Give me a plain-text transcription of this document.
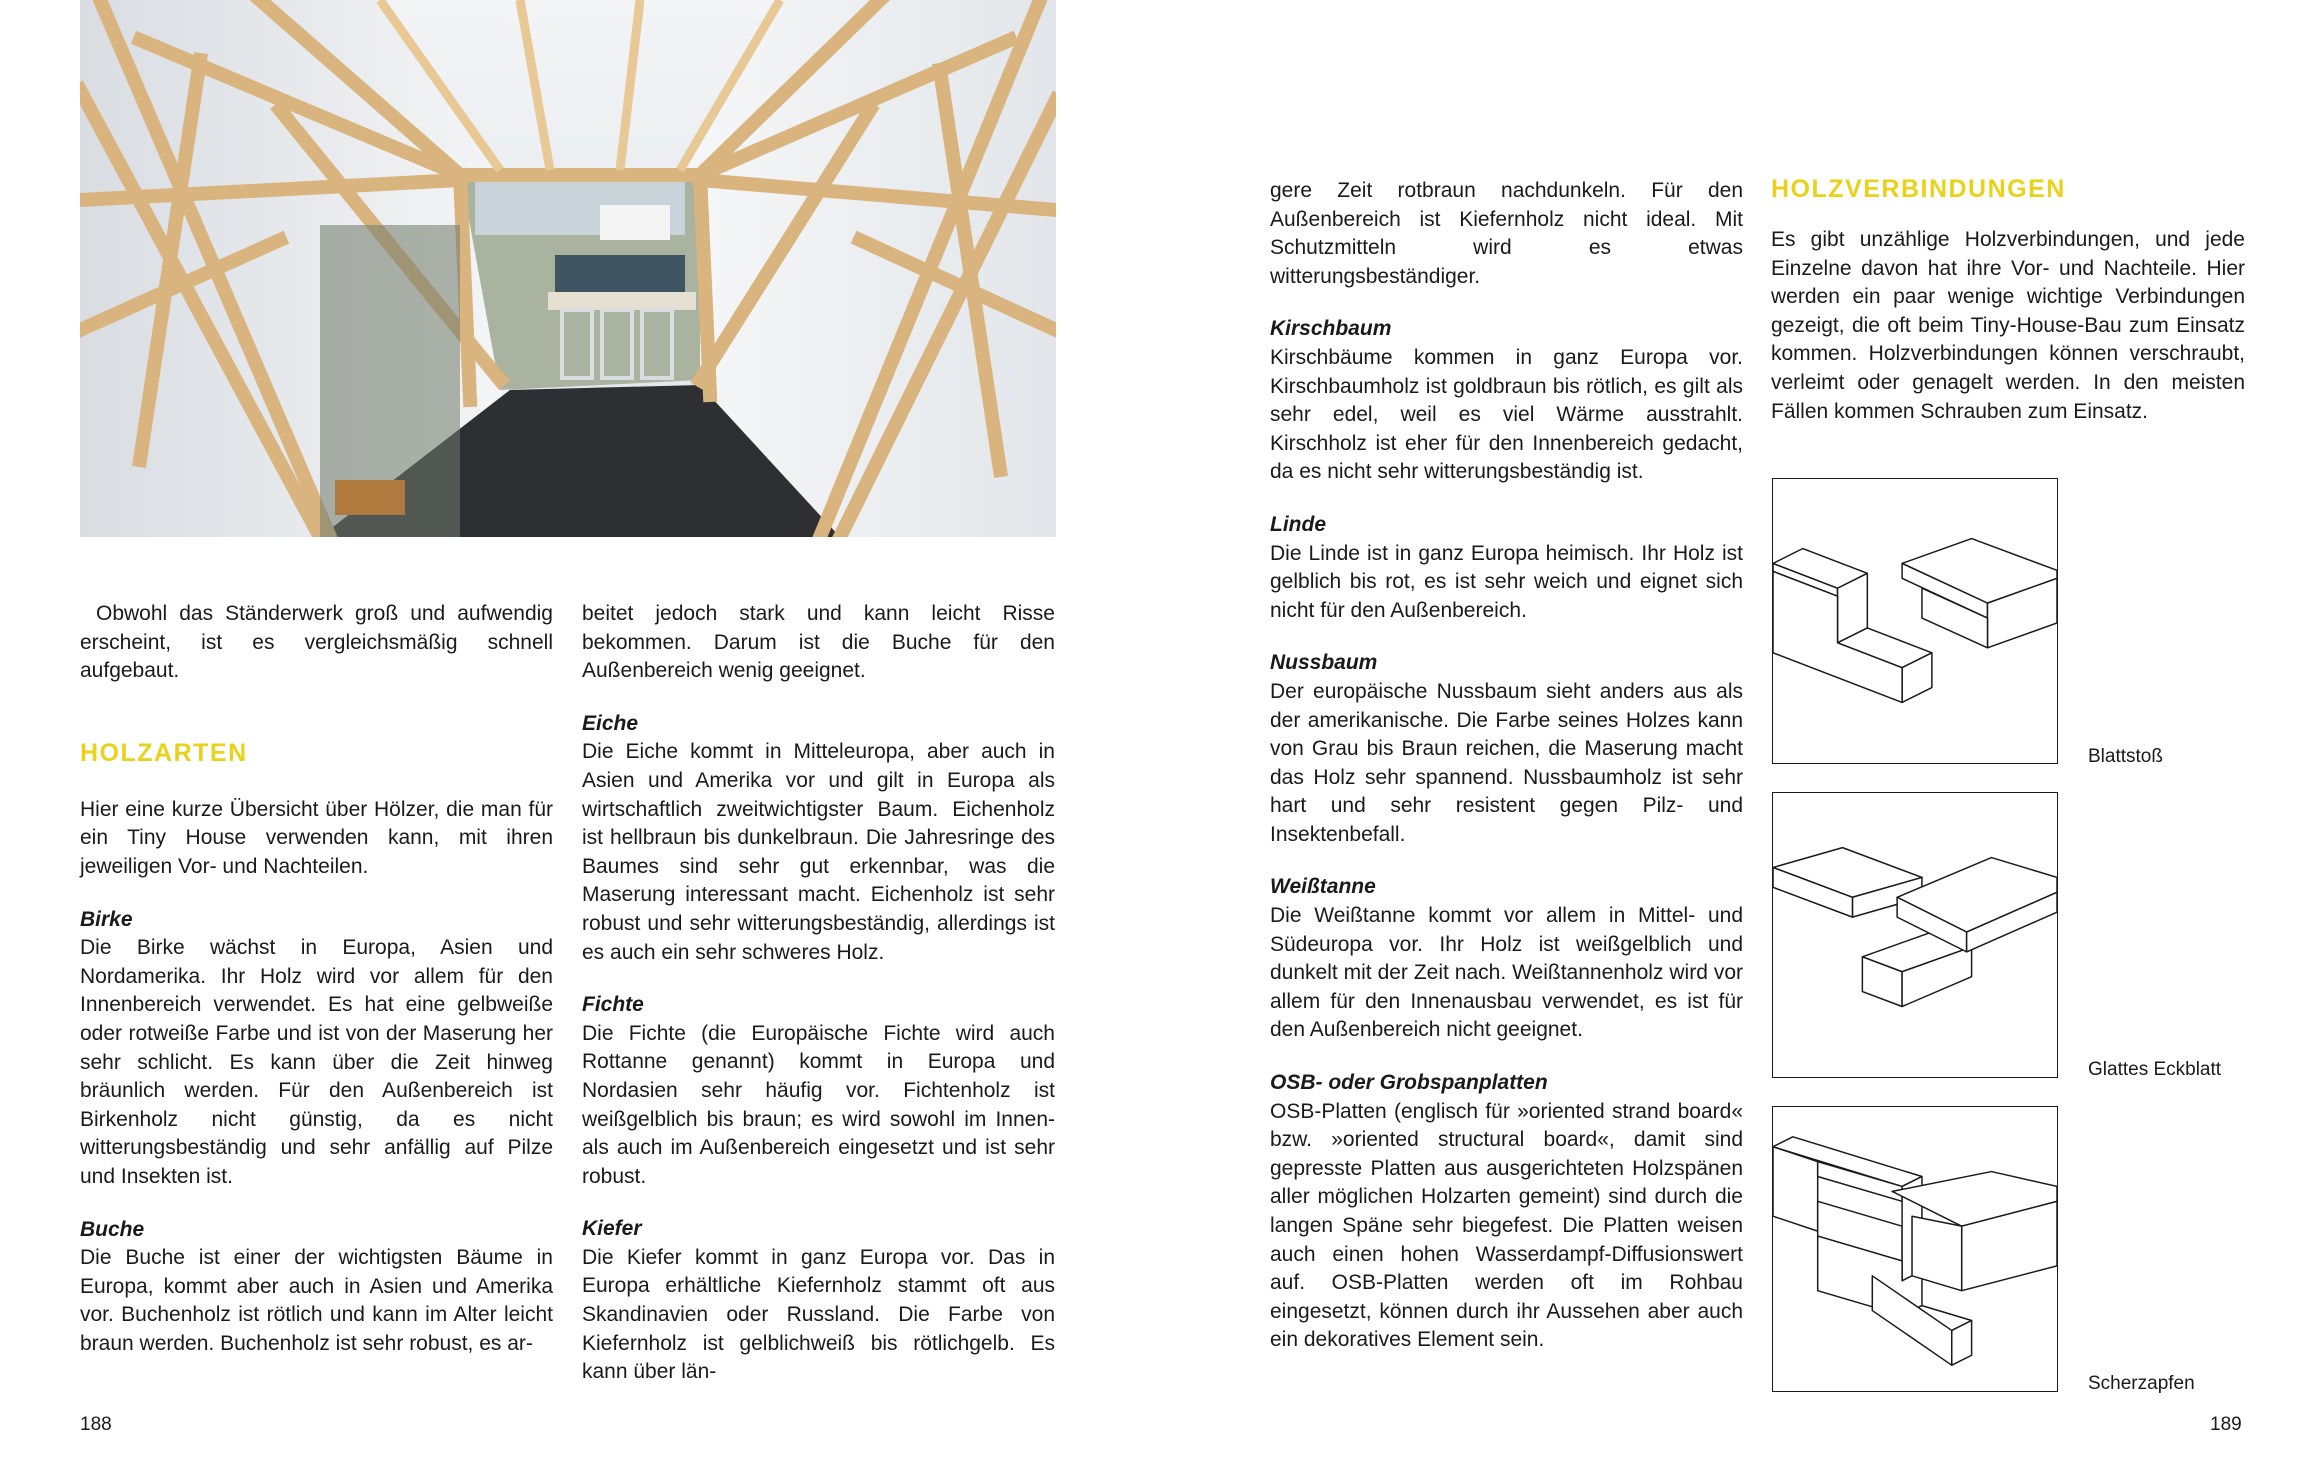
Obwohl das Ständerwerk groß und aufwendig erscheint, ist es vergleichsmäßig schnell aufgebaut.

HOLZARTEN

Hier eine kurze Übersicht über Hölzer, die man für ein Tiny House verwenden kann, mit ihren jeweiligen Vor- und Nachteilen.

Birke

Die Birke wächst in Europa, Asien und Nordamerika. Ihr Holz wird vor allem für den Innenbereich verwendet. Es hat eine gelbweiße oder rotweiße Farbe und ist von der Maserung her sehr schlicht. Es kann über die Zeit hinweg bräunlich werden. Für den Außenbereich ist Birkenholz nicht günstig, da es nicht witterungsbeständig und sehr anfällig auf Pilze und Insekten ist.

Buche

Die Buche ist einer der wichtigsten Bäume in Europa, kommt aber auch in Asien und Amerika vor. Buchenholz ist rötlich und kann im Alter leicht braun werden. Buchenholz ist sehr robust, es ar-

beitet jedoch stark und kann leicht Risse bekommen. Darum ist die Buche für den Außenbereich wenig geeignet.

Eiche

Die Eiche kommt in Mitteleuropa, aber auch in Asien und Amerika vor und gilt in Europa als wirtschaftlich zweitwichtigster Baum. Eichenholz ist hellbraun bis dunkelbraun. Die Jahresringe des Baumes sind sehr gut erkennbar, was die Maserung interessant macht. Eichenholz ist sehr robust und sehr witterungsbeständig, allerdings ist es auch ein sehr schweres Holz.

Fichte

Die Fichte (die Europäische Fichte wird auch Rottanne genannt) kommt in Europa und Nordasien sehr häufig vor. Fichtenholz ist weißgelblich bis braun; es wird sowohl im Innen- als auch im Außenbereich eingesetzt und ist sehr robust.

Kiefer

Die Kiefer kommt in ganz Europa vor. Das in Europa erhältliche Kiefernholz stammt oft aus Skandinavien oder Russland. Die Farbe von Kiefernholz ist gelblichweiß bis rötlichgelb. Es kann über län-

gere Zeit rotbraun nachdunkeln. Für den Außenbereich ist Kiefernholz nicht ideal. Mit Schutzmitteln wird es etwas witterungsbeständiger.

Kirschbaum

Kirschbäume kommen in ganz Europa vor. Kirschbaumholz ist goldbraun bis rötlich, es gilt als sehr edel, weil es viel Wärme ausstrahlt. Kirschholz ist eher für den Innenbereich gedacht, da es nicht sehr witterungsbeständig ist.

Linde

Die Linde ist in ganz Europa heimisch. Ihr Holz ist gelblich bis rot, es ist sehr weich und eignet sich nicht für den Außenbereich.

Nussbaum

Der europäische Nussbaum sieht anders aus als der amerikanische. Die Farbe seines Holzes kann von Grau bis Braun reichen, die Maserung macht das Holz sehr spannend. Nussbaumholz ist sehr hart und sehr resistent gegen Pilz- und Insektenbefall.

Weißtanne

Die Weißtanne kommt vor allem in Mittel- und Südeuropa vor. Ihr Holz ist weißgelblich und dunkelt mit der Zeit nach. Weißtannenholz wird vor allem für den Innenausbau verwendet, es ist für den Außenbereich nicht geeignet.

OSB- oder Grobspanplatten

OSB-Platten (englisch für »oriented strand board« bzw. »oriented structural board«, damit sind gepresste Platten aus ausgerichteten Holzspänen aller möglichen Holzarten gemeint) sind durch die langen Späne sehr biegefest. Die Platten weisen auch einen hohen Wasserdampf-Diffusionswert auf. OSB-Platten werden oft im Rohbau eingesetzt, können durch ihr Aussehen aber auch ein dekoratives Element sein.

HOLZVERBINDUNGEN

Es gibt unzählige Holzverbindungen, und jede Einzelne davon hat ihre Vor- und Nachteile. Hier werden ein paar wenige wichtige Verbindungen gezeigt, die oft beim Tiny-House-Bau zum Einsatz kommen. Holzverbindungen können verschraubt, verleimt oder genagelt werden. In den meisten Fällen kommen Schrauben zum Einsatz.

Blattstoß
Glattes Eckblatt
Scherzapfen
188	189
